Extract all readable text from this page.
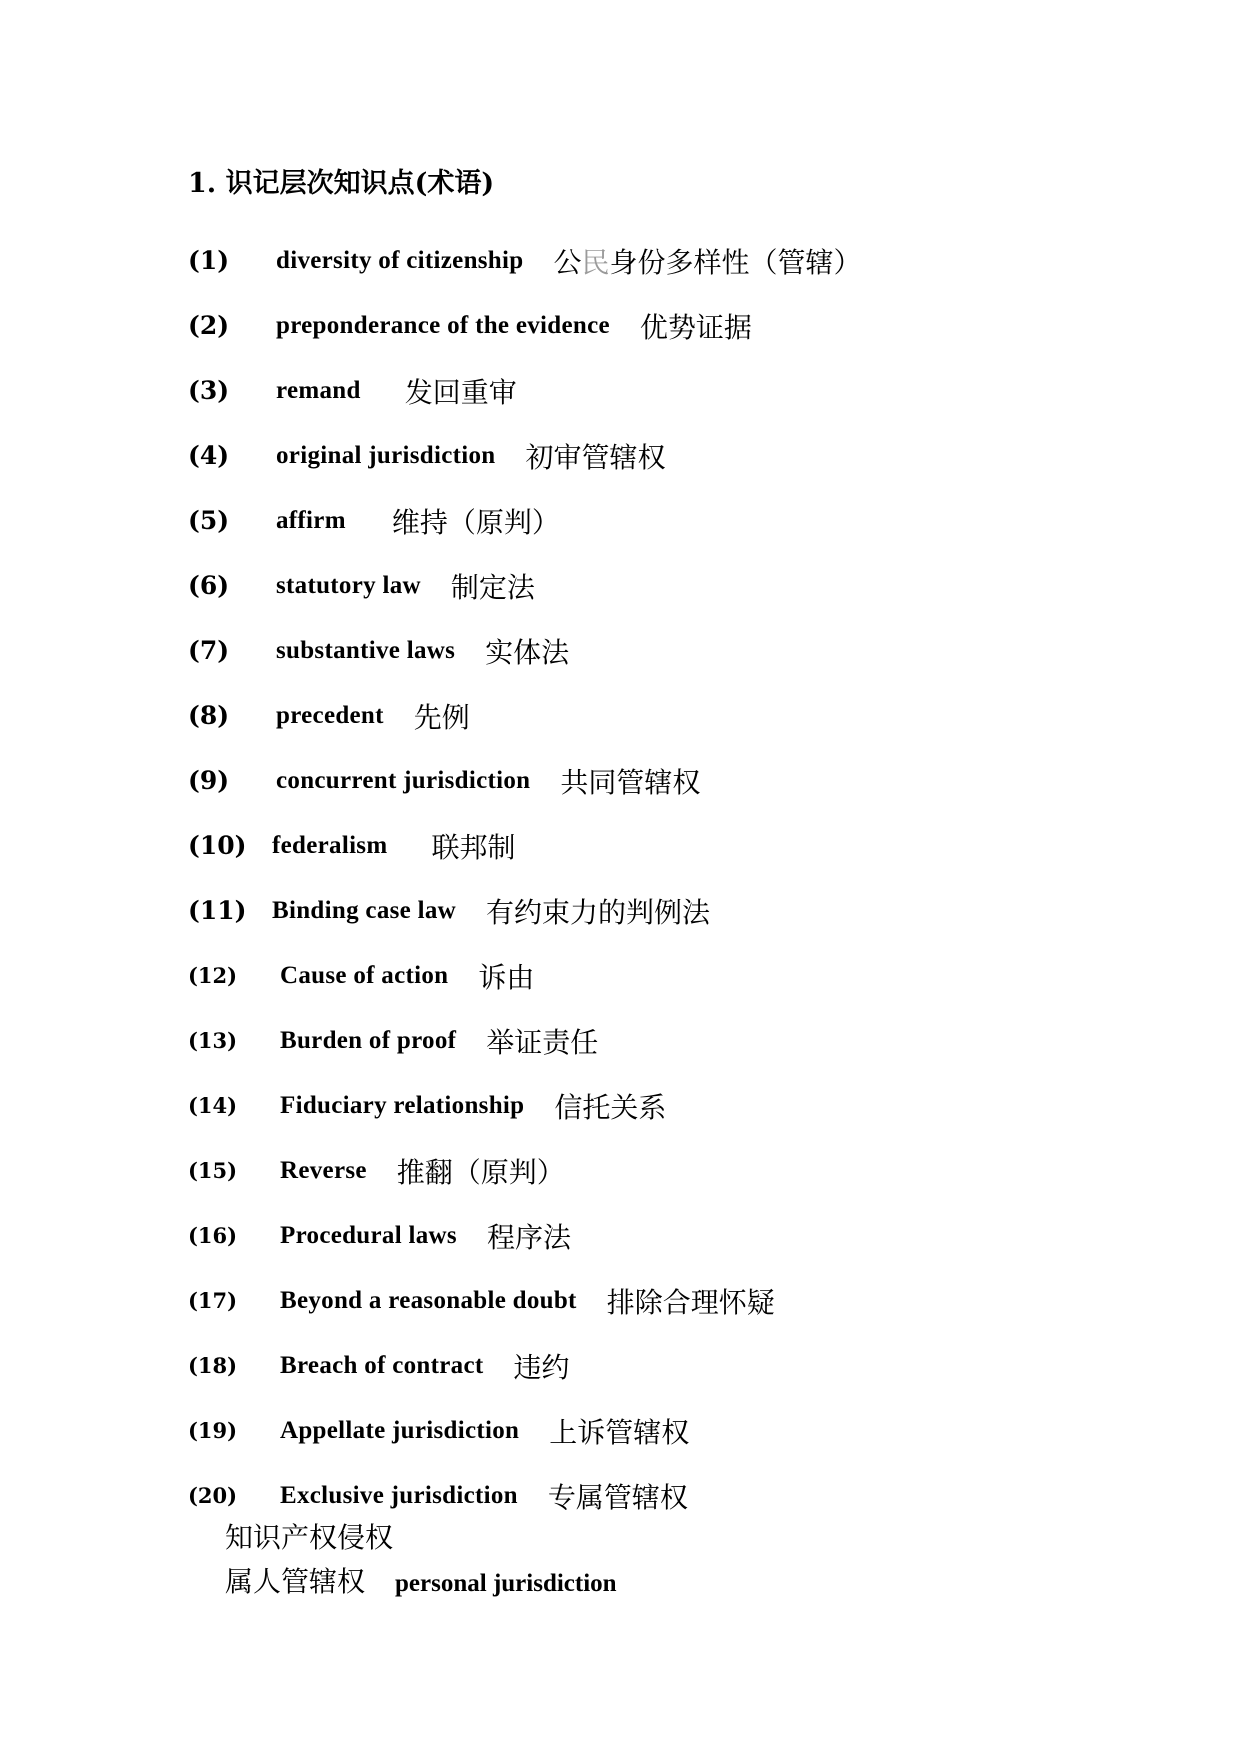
1. 识记层次知识点(术语)
(1)	diversity of citizenship 公民身份多样性（管辖）
(2)	preponderance of the evidence 优势证据
(3)	remand 发回重审
(4)	original jurisdiction 初审管辖权
(5)	affirm 维持（原判）
(6)	statutory law 制定法
(7)	substantive laws 实体法
(8)	precedent 先例
(9)	concurrent jurisdiction 共同管辖权
(10)	federalism 联邦制
(11)	Binding case law 有约束力的判例法
(12)	Cause of action 诉由
(13)	Burden of proof 举证责任
(14)	Fiduciary relationship 信托关系
(15)	Reverse 推翻（原判）
(16)	Procedural laws 程序法
(17)	Beyond a reasonable doubt 排除合理怀疑
(18)	Breach of contract 违约
(19)	Appellate jurisdiction 上诉管辖权
(20)	Exclusive jurisdiction 专属管辖权
知识产权侵权
属人管辖权 personal jurisdiction
